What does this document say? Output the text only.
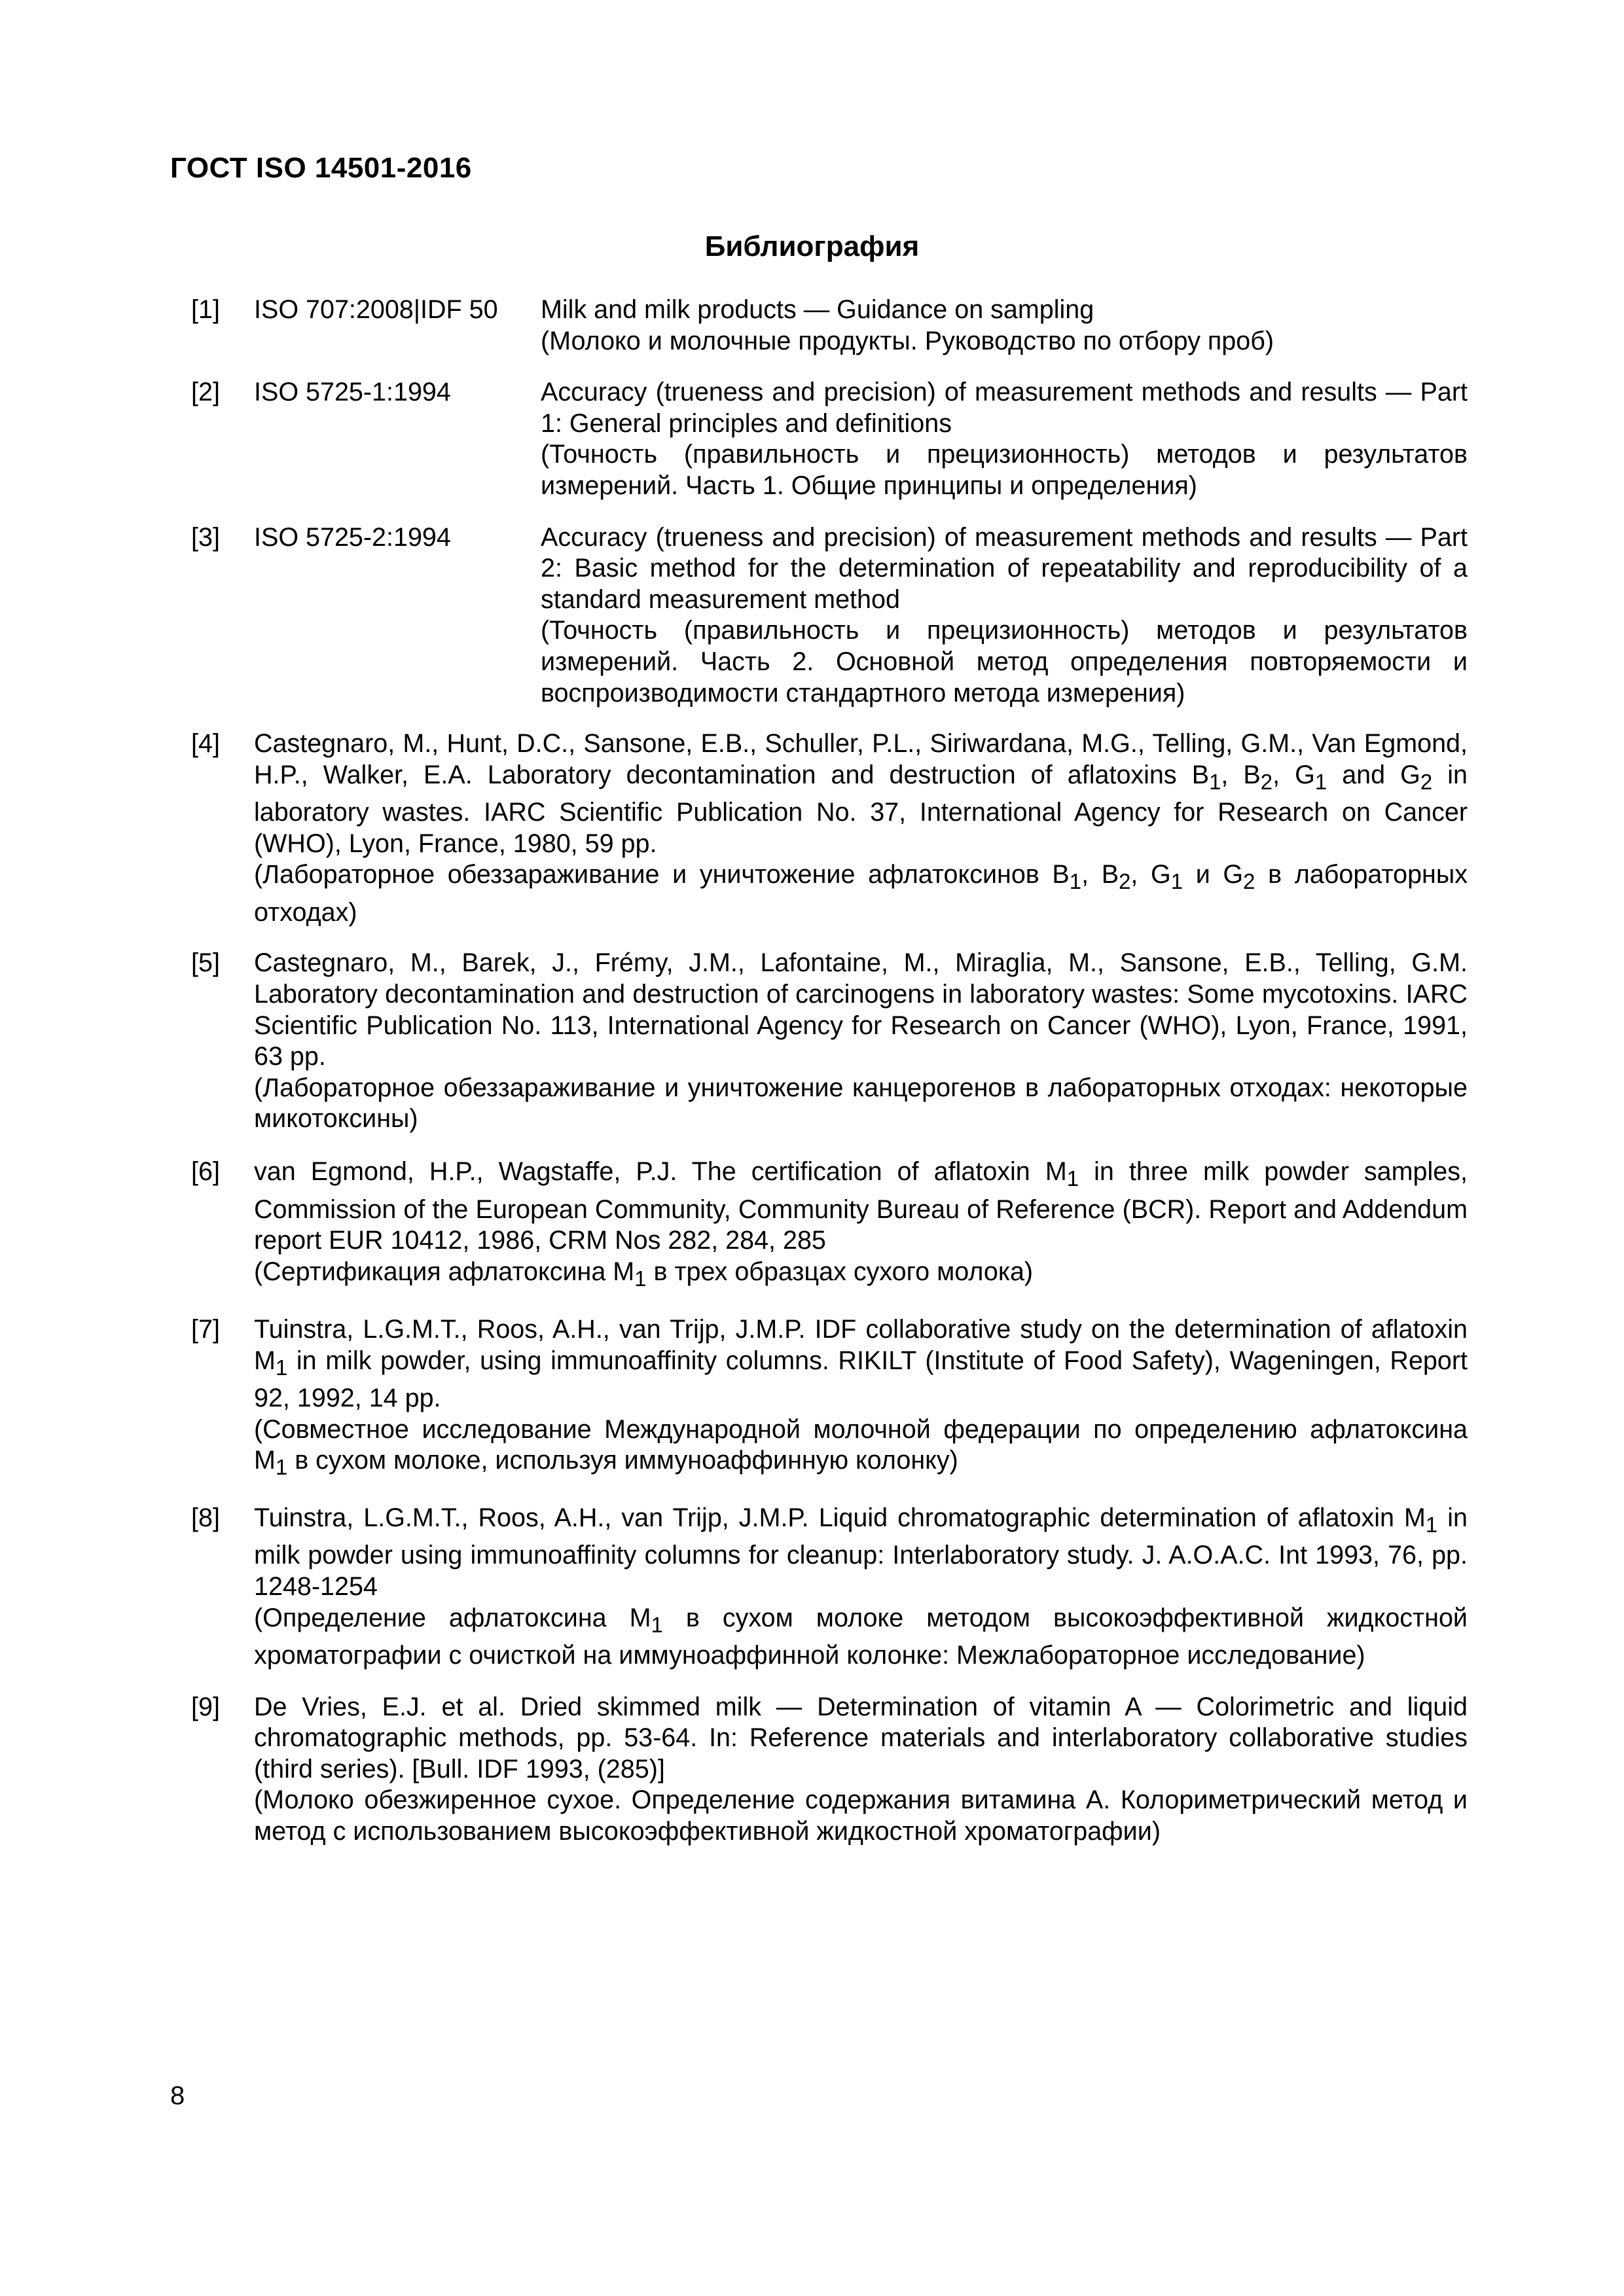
ГОСТ ISO 14501-2016
Библиография
[1] ISO 707:2008|IDF 50 Milk and milk products — Guidance on sampling

(Молоко и молочные продукты. Руководство по отбору проб)

[2] ISO 5725-1:1994	Accuracy (trueness and precision) of measurement methods and results — Part 1: General principles and definitions

(Точность (правильность и прецизионность) методов и результатов измерений. Часть 1. Общие принципы и определения)

[3] ISO 5725-2:1994	Accuracy (trueness and precision) of measurement methods and results — Part 2: Basic method for the determination of repeatability and reproducibility of a standard measurement method

(Точность (правильность и прецизионность) методов и результатов измерений. Часть 2. Основной метод определения повторяемости и воспроизводимости стандартного метода измерения)

[4] Castegnaro, M., Hunt, D.C., Sansone, E.B., Schuller, P.L., Siriwardana, M.G., Telling, G.M., Van Egmond, H.P., Walker, E.A. Laboratory decontamination and destruction of aflatoxins $B_1$, $B_2$, $G_1$ and $G_2$ in laboratory wastes. IARC Scientific Publication No. 37, International Agency for Research on Cancer (WHO), Lyon, France, 1980, 59 pp.

(Лабораторное обеззараживание и уничтожение афлатоксинов $B_1$, $B_2$, $G_1$ и $G_2$ в лабораторных отходах)

[5] Castegnaro, M., Barek, J., Frémy, J.M., Lafontaine, M., Miraglia, M., Sansone, E.B., Telling, G.M. Laboratory decontamination and destruction of carcinogens in laboratory wastes: Some mycotoxins. IARC Scientific Publication No. 113, International Agency for Research on Cancer (WHO), Lyon, France, 1991, 63 pp.

(Лабораторное обеззараживание и уничтожение канцерогенов в лабораторных отходах: некоторые микотоксины)

[6] van Egmond, H.P., Wagstaffe, P.J. The certification of aflatoxin $M_1$ in three milk powder samples, Commission of the European Community, Community Bureau of Reference (BCR). Report and Addendum report EUR 10412, 1986, CRM Nos 282, 284, 285

(Сертификация афлатоксина $M_1$ в трех образцах сухого молока)

[7] Tuinstra, L.G.M.T., Roos, A.H., van Trijp, J.M.P. IDF collaborative study on the determination of aflatoxin $M_1$ in milk powder, using immunoaffinity columns. RIKILT (Institute of Food Safety), Wageningen, Report 92, 1992, 14 pp.

(Совместное исследование Международной молочной федерации по определению афлатоксина $M_1$ в сухом молоке, используя иммуноаффинную колонку)

[8] Tuinstra, L.G.M.T., Roos, A.H., van Trijp, J.M.P. Liquid chromatographic determination of aflatoxin $M_1$ in milk powder using immunoaffinity columns for cleanup: Interlaboratory study. J. A.O.A.C. Int 1993, 76, pp. 1248-1254

(Определение афлатоксина $M_1$ в сухом молоке методом высокоэффективной жидкостной хроматографии с очисткой на иммуноаффинной колонке: Межлабораторное исследование)

[9] De Vries, E.J. et al. Dried skimmed milk — Determination of vitamin A — Colorimetric and liquid chromatographic methods, pp. 53-64. In: Reference materials and interlaboratory collaborative studies (third series). [Bull. IDF 1993, (285)]

(Молоко обезжиренное сухое. Определение содержания витамина А. Колориметрический метод и метод с использованием высокоэффективной жидкостной хроматографии)

8
